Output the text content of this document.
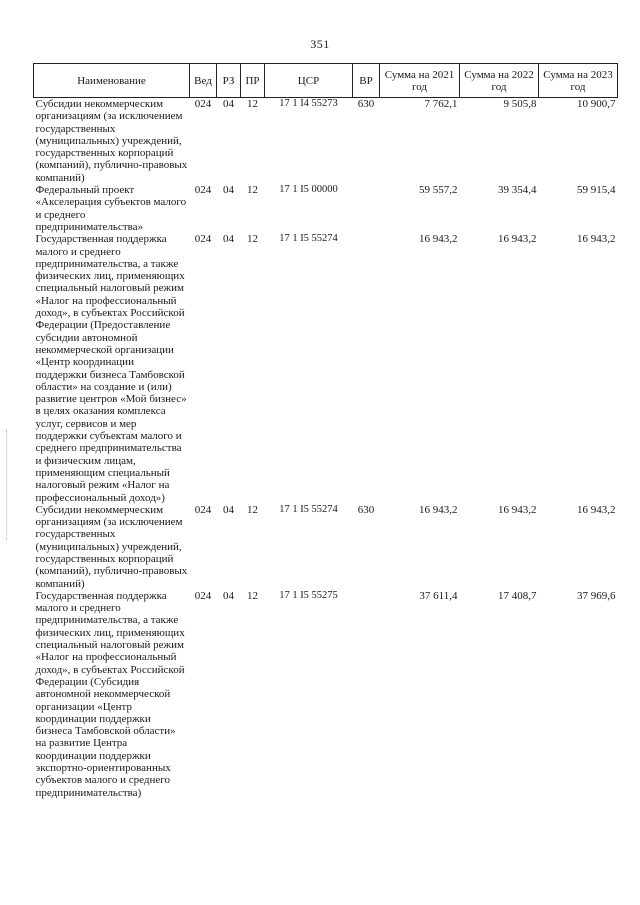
351
Наименование	Вед	РЗ	ПР	ЦСР	ВР	Сумма на 2021 год	Сумма на 2022 год	Сумма на 2023 год
Субсидии некоммерческим организациям (за исключением государственных (муниципальных) учреждений, государственных корпораций (компаний), публично-правовых компаний)	024	04	12	17 1 I4 55273	630	7 762,1	9 505,8	10 900,7
Федеральный проект «Акселерация субъектов малого и среднего предпринимательства»	024	04	12	17 1 I5 00000		59 557,2	39 354,4	59 915,4
Государственная поддержка малого и среднего предпринимательства, а также физических лиц, применяющих специальный налоговый режим «Налог на профессиональный доход», в субъектах Российской Федерации (Предоставление субсидии автономной некоммерческой организации «Центр координации поддержки бизнеса Тамбовской области» на создание и (или) развитие центров «Мой бизнес» в целях оказания комплекса услуг, сервисов и мер поддержки субъектам малого и среднего предпринимательства и физическим лицам, применяющим специальный налоговый режим «Налог на профессиональный доход»)	024	04	12	17 1 I5 55274		16 943,2	16 943,2	16 943,2
Субсидии некоммерческим организациям (за исключением государственных (муниципальных) учреждений, государственных корпораций (компаний), публично-правовых компаний)	024	04	12	17 1 I5 55274	630	16 943,2	16 943,2	16 943,2
Государственная поддержка малого и среднего предпринимательства, а также физических лиц, применяющих специальный налоговый режим «Налог на профессиональный доход», в субъектах Российской Федерации (Субсидия автономной некоммерческой организации «Центр координации поддержки бизнеса Тамбовской области» на развитие Центра координации поддержки экспортно-ориентированных субъектов малого и среднего предпринимательства)	024	04	12	17 1 I5 55275		37 611,4	17 408,7	37 969,6
